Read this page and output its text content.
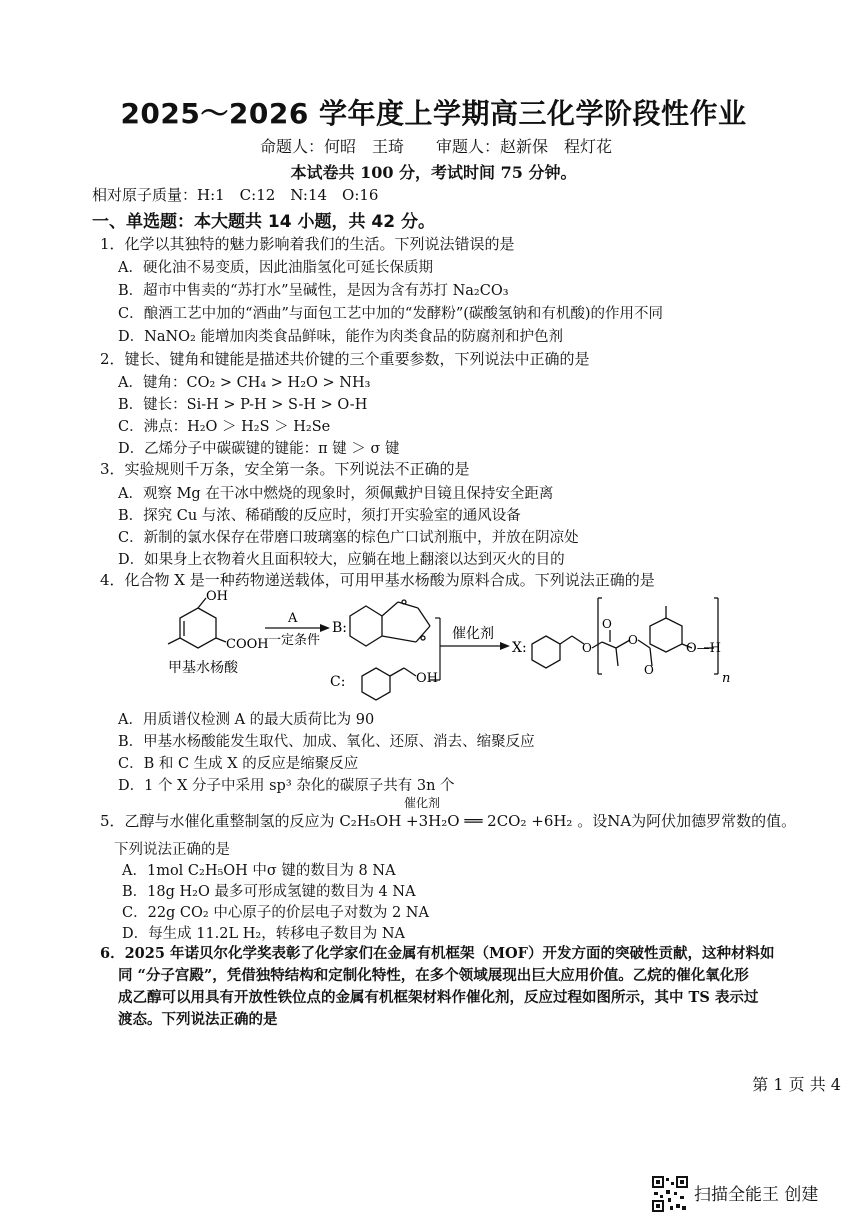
2025～2026 学年度上学期高三化学阶段性作业
命题人：何昭　王琦　　审题人：赵新保　程灯花
本试卷共 100 分，考试时间 75 分钟。
相对原子质量：H:1　C:12　N:14　O:16
一、单选题：本大题共 14 小题，共 42 分。
1．化学以其独特的魅力影响着我们的生活。下列说法错误的是
A．硬化油不易变质，因此油脂氢化可延长保质期
B．超市中售卖的“苏打水”呈碱性，是因为含有苏打 Na₂CO₃
C．酿酒工艺中加的“酒曲”与面包工艺中加的“发酵粉”(碳酸氢钠和有机酸)的作用不同
D．NaNO₂ 能增加肉类食品鲜味，能作为肉类食品的防腐剂和护色剂
2．键长、键角和键能是描述共价键的三个重要参数，下列说法中正确的是
A．键角：CO₂ > CH₄ > H₂O > NH₃
B．键长：Si-H > P-H > S-H > O-H
C．沸点：H₂O ＞ H₂S ＞ H₂Se
D．乙烯分子中碳碳键的键能：π 键 ＞ σ 键
3．实验规则千万条，安全第一条。下列说法不正确的是
A．观察 Mg 在干冰中燃烧的现象时，须佩戴护目镜且保持安全距离
B．探究 Cu 与浓、稀硝酸的反应时，须打开实验室的通风设备
C．新制的氯水保存在带磨口玻璃塞的棕色广口试剂瓶中，并放在阴凉处
D．如果身上衣物着火且面积较大，应躺在地上翻滚以达到灭火的目的
4．化合物 X 是一种药物递送载体，可用甲基水杨酸为原料合成。下列说法正确的是
OH
COOH
甲基水杨酸
A
一定条件
B:	催化剂
C:	OH
X:	O
O
O
O
O—H
n
A．用质谱仪检测 A 的最大质荷比为 90
B．甲基水杨酸能发生取代、加成、氧化、还原、消去、缩聚反应
C．B 和 C 生成 X 的反应是缩聚反应
D．1 个 X 分子中采用 sp³ 杂化的碳原子共有 3n 个
催化剂
5．乙醇与水催化重整制氢的反应为 C₂H₅OH +3H₂O ══ 2CO₂ +6H₂ 。设NA为阿伏加德罗常数的值。
下列说法正确的是
A．1mol C₂H₅OH 中σ 键的数目为 8 NA
B．18g H₂O 最多可形成氢键的数目为 4 NA
C．22g CO₂ 中心原子的价层电子对数为 2 NA
D．每生成 11.2L H₂，转移电子数目为 NA
6．2025 年诺贝尔化学奖表彰了化学家们在金属有机框架（MOF）开发方面的突破性贡献，这种材料如
同 “分子宫殿”，凭借独特结构和定制化特性，在多个领域展现出巨大应用价值。乙烷的催化氧化形
成乙醇可以用具有开放性铁位点的金属有机框架材料作催化剂，反应过程如图所示，其中 TS 表示过
渡态。下列说法正确的是
第 1 页 共 4
扫描全能王 创建
